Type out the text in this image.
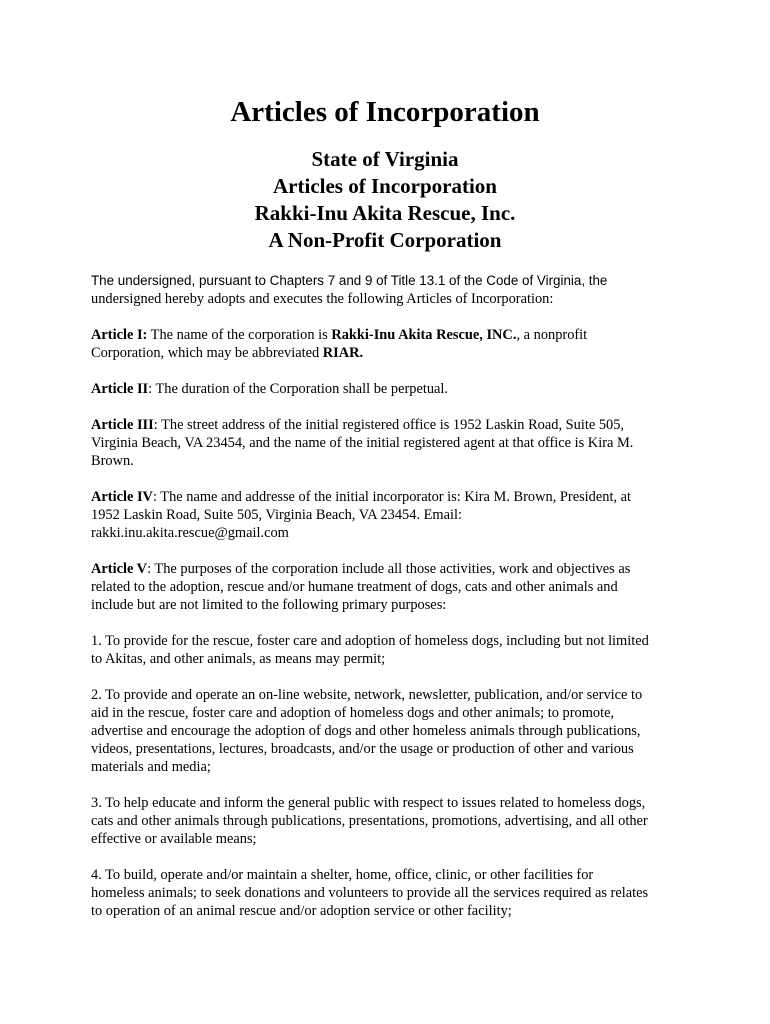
Articles of Incorporation
State of Virginia
Articles of Incorporation
Rakki-Inu Akita Rescue, Inc.
A Non-Profit Corporation

The undersigned, pursuant to Chapters 7 and 9 of Title 13.1 of the Code of Virginia, the
undersigned hereby adopts and executes the following Articles of Incorporation:

Article I: The name of the corporation is Rakki-Inu Akita Rescue, INC., a nonprofit
Corporation, which may be abbreviated RIAR.

Article II: The duration of the Corporation shall be perpetual.

Article III: The street address of the initial registered office is 1952 Laskin Road, Suite 505,
Virginia Beach, VA 23454, and the name of the initial registered agent at that office is Kira M.
Brown.

Article IV: The name and addresse of the initial incorporator is: Kira M. Brown, President, at
1952 Laskin Road, Suite 505, Virginia Beach, VA 23454. Email:
rakki.inu.akita.rescue@gmail.com

Article V: The purposes of the corporation include all those activities, work and objectives as
related to the adoption, rescue and/or humane treatment of dogs, cats and other animals and
include but are not limited to the following primary purposes:

1. To provide for the rescue, foster care and adoption of homeless dogs, including but not limited
to Akitas, and other animals, as means may permit;

2. To provide and operate an on-line website, network, newsletter, publication, and/or service to
aid in the rescue, foster care and adoption of homeless dogs and other animals; to promote,
advertise and encourage the adoption of dogs and other homeless animals through publications,
videos, presentations, lectures, broadcasts, and/or the usage or production of other and various
materials and media;

3. To help educate and inform the general public with respect to issues related to homeless dogs,
cats and other animals through publications, presentations, promotions, advertising, and all other
effective or available means;

4. To build, operate and/or maintain a shelter, home, office, clinic, or other facilities for
homeless animals; to seek donations and volunteers to provide all the services required as relates
to operation of an animal rescue and/or adoption service or other facility;
